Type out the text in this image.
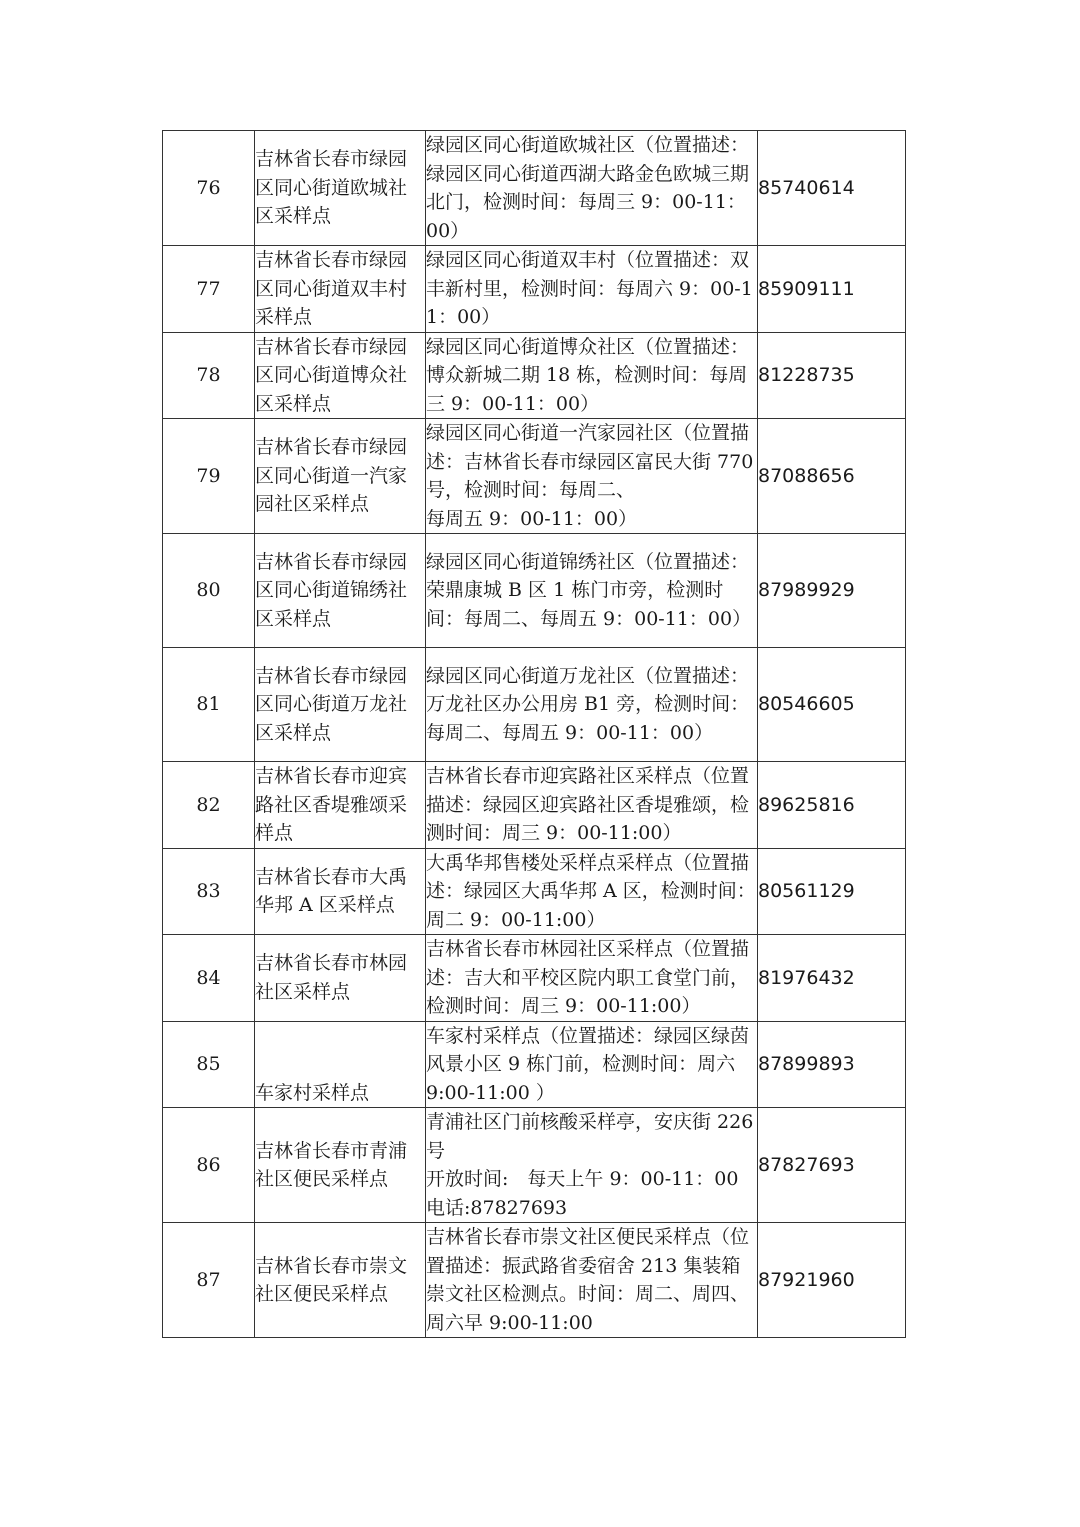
76	吉林省长春市绿园区同心街道欧城社区采样点	绿园区同心街道欧城社区（位置描述：绿园区同心街道西湖大路金色欧城三期北门，检测时间：每周三 9：00-11：00）	85740614
77	吉林省长春市绿园区同心街道双丰村采样点	绿园区同心街道双丰村（位置描述：双丰新村里，检测时间：每周六 9：00-11：00）	85909111
78	吉林省长春市绿园区同心街道博众社区采样点	绿园区同心街道博众社区（位置描述：博众新城二期 18 栋，检测时间：每周三 9：00-11：00）	81228735
79	吉林省长春市绿园区同心街道一汽家园社区采样点	绿园区同心街道一汽家园社区（位置描述：吉林省长春市绿园区富民大街 770 号，检测时间：每周二、
每周五 9：00-11：00）	87088656
80	吉林省长春市绿园区同心街道锦绣社区采样点	绿园区同心街道锦绣社区（位置描述：荣鼎康城 B 区 1 栋门市旁，检测时间：每周二、每周五 9：00-11：00）	87989929
81	吉林省长春市绿园区同心街道万龙社区采样点	绿园区同心街道万龙社区（位置描述：万龙社区办公用房 B1 旁，检测时间：每周二、每周五 9：00-11：00）	80546605
82	吉林省长春市迎宾路社区香堤雅颂采样点	吉林省长春市迎宾路社区采样点（位置描述：绿园区迎宾路社区香堤雅颂，检测时间：周三 9：00-11:00）	89625816
83	吉林省长春市大禹华邦 A 区采样点	大禹华邦售楼处采样点采样点（位置描述：绿园区大禹华邦 A 区，检测时间：周二 9：00-11:00）	80561129
84	吉林省长春市林园社区采样点	吉林省长春市林园社区采样点（位置描述：吉大和平校区院内职工食堂门前，检测时间：周三 9：00-11:00）	81976432
85	车家村采样点	车家村采样点（位置描述：绿园区绿茵风景小区 9 栋门前，检测时间：周六 9:00-11:00 ）	87899893
86	吉林省长春市青浦社区便民采样点	青浦社区门前核酸采样亭，安庆街 226 号
开放时间:　每天上午 9：00-11：00
电话:87827693	87827693
87	吉林省长春市崇文社区便民采样点	吉林省长春市崇文社区便民采样点（位置描述：振武路省委宿舍 213 集装箱崇文社区检测点。时间：周二、周四、周六早 9:00-11:00	87921960
